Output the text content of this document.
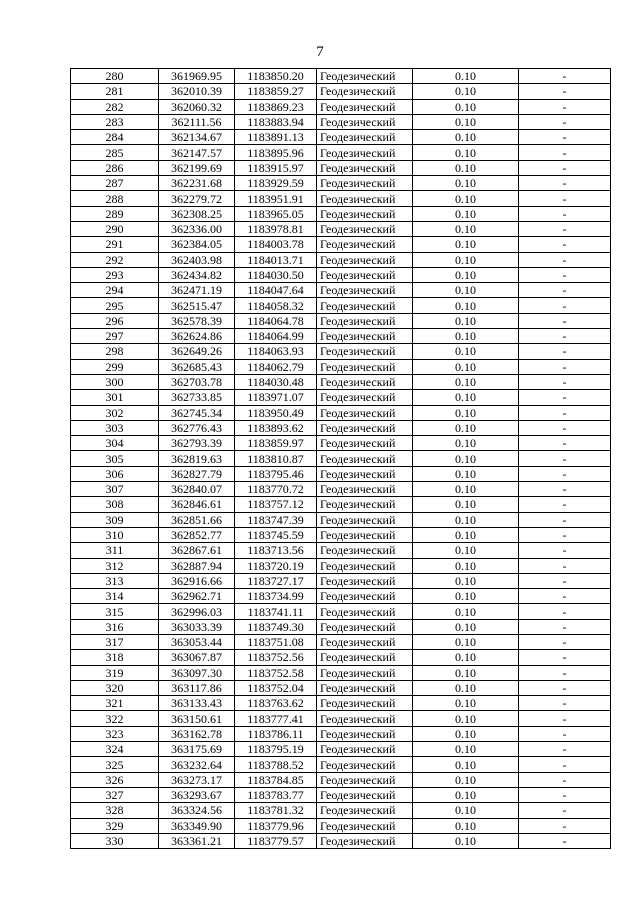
7
280	361969.95	1183850.20	Геодезический	0.10	-
281	362010.39	1183859.27	Геодезический	0.10	-
282	362060.32	1183869.23	Геодезический	0.10	-
283	362111.56	1183883.94	Геодезический	0.10	-
284	362134.67	1183891.13	Геодезический	0.10	-
285	362147.57	1183895.96	Геодезический	0.10	-
286	362199.69	1183915.97	Геодезический	0.10	-
287	362231.68	1183929.59	Геодезический	0.10	-
288	362279.72	1183951.91	Геодезический	0.10	-
289	362308.25	1183965.05	Геодезический	0.10	-
290	362336.00	1183978.81	Геодезический	0.10	-
291	362384.05	1184003.78	Геодезический	0.10	-
292	362403.98	1184013.71	Геодезический	0.10	-
293	362434.82	1184030.50	Геодезический	0.10	-
294	362471.19	1184047.64	Геодезический	0.10	-
295	362515.47	1184058.32	Геодезический	0.10	-
296	362578.39	1184064.78	Геодезический	0.10	-
297	362624.86	1184064.99	Геодезический	0.10	-
298	362649.26	1184063.93	Геодезический	0.10	-
299	362685.43	1184062.79	Геодезический	0.10	-
300	362703.78	1184030.48	Геодезический	0.10	-
301	362733.85	1183971.07	Геодезический	0.10	-
302	362745.34	1183950.49	Геодезический	0.10	-
303	362776.43	1183893.62	Геодезический	0.10	-
304	362793.39	1183859.97	Геодезический	0.10	-
305	362819.63	1183810.87	Геодезический	0.10	-
306	362827.79	1183795.46	Геодезический	0.10	-
307	362840.07	1183770.72	Геодезический	0.10	-
308	362846.61	1183757.12	Геодезический	0.10	-
309	362851.66	1183747.39	Геодезический	0.10	-
310	362852.77	1183745.59	Геодезический	0.10	-
311	362867.61	1183713.56	Геодезический	0.10	-
312	362887.94	1183720.19	Геодезический	0.10	-
313	362916.66	1183727.17	Геодезический	0.10	-
314	362962.71	1183734.99	Геодезический	0.10	-
315	362996.03	1183741.11	Геодезический	0.10	-
316	363033.39	1183749.30	Геодезический	0.10	-
317	363053.44	1183751.08	Геодезический	0.10	-
318	363067.87	1183752.56	Геодезический	0.10	-
319	363097.30	1183752.58	Геодезический	0.10	-
320	363117.86	1183752.04	Геодезический	0.10	-
321	363133.43	1183763.62	Геодезический	0.10	-
322	363150.61	1183777.41	Геодезический	0.10	-
323	363162.78	1183786.11	Геодезический	0.10	-
324	363175.69	1183795.19	Геодезический	0.10	-
325	363232.64	1183788.52	Геодезический	0.10	-
326	363273.17	1183784.85	Геодезический	0.10	-
327	363293.67	1183783.77	Геодезический	0.10	-
328	363324.56	1183781.32	Геодезический	0.10	-
329	363349.90	1183779.96	Геодезический	0.10	-
330	363361.21	1183779.57	Геодезический	0.10	-
